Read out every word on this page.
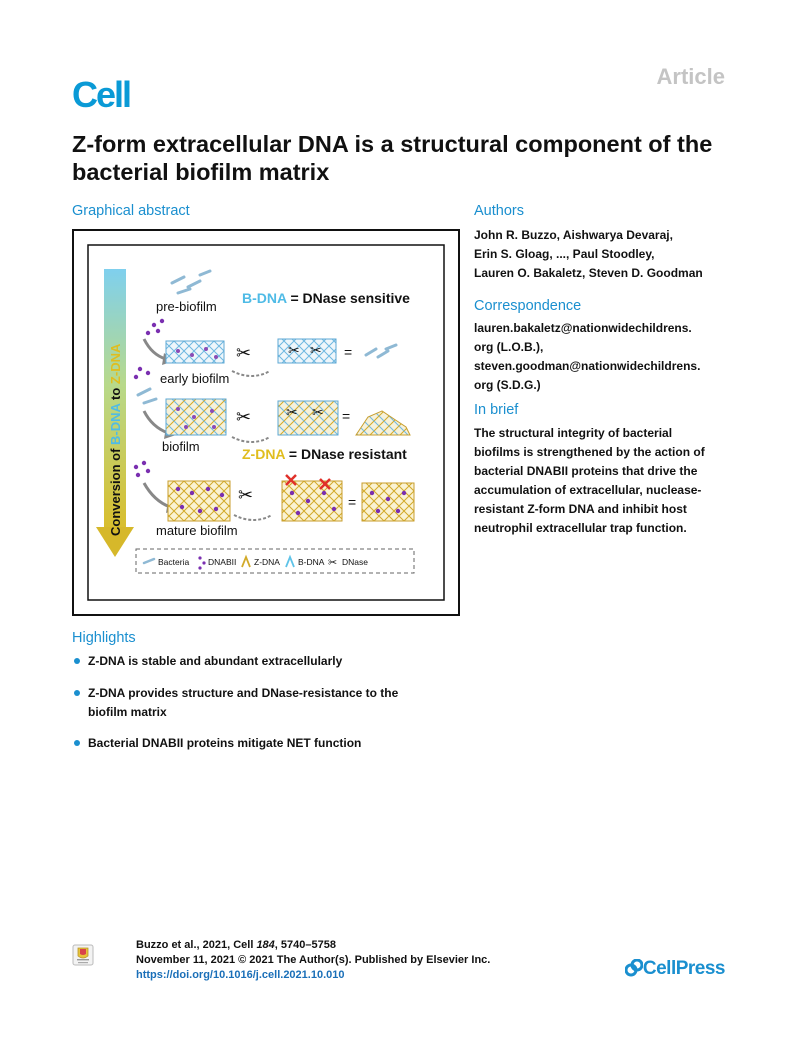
Cell	Article
Z-form extracellular DNA is a structural component of the bacterial biofilm matrix
Graphical abstract
Conversion of B-DNA to Z-DNA
pre-biofilm
B-DNA = DNase sensitive
early biofilm
✂	✂ ✂ =
biofilm
✂ ✂ ✂ =
Z-DNA = DNase resistant
mature biofilm
✂	=
Bacteria DNABII Z-DNA B-DNA ✂ DNase
Highlights
Z-DNA is stable and abundant extracellularly
Z-DNA provides structure and DNase-resistance to the
biofilm matrix
Bacterial DNABII proteins mitigate NET function
Authors
John R. Buzzo, Aishwarya Devaraj,
Erin S. Gloag, ..., Paul Stoodley,
Lauren O. Bakaletz, Steven D. Goodman
Correspondence
lauren.bakaletz@nationwidechildrens.
org (L.O.B.),
steven.goodman@nationwidechildrens.
org (S.D.G.)
In brief
The structural integrity of bacterial
biofilms is strengthened by the action of
bacterial DNABII proteins that drive the
accumulation of extracellular, nuclease-
resistant Z-form DNA and inhibit host
neutrophil extracellular trap function.
Buzzo et al., 2021, Cell 184, 5740–5758
November 11, 2021 © 2021 The Author(s). Published by Elsevier Inc.
https://doi.org/10.1016/j.cell.2021.10.010	CellPress
